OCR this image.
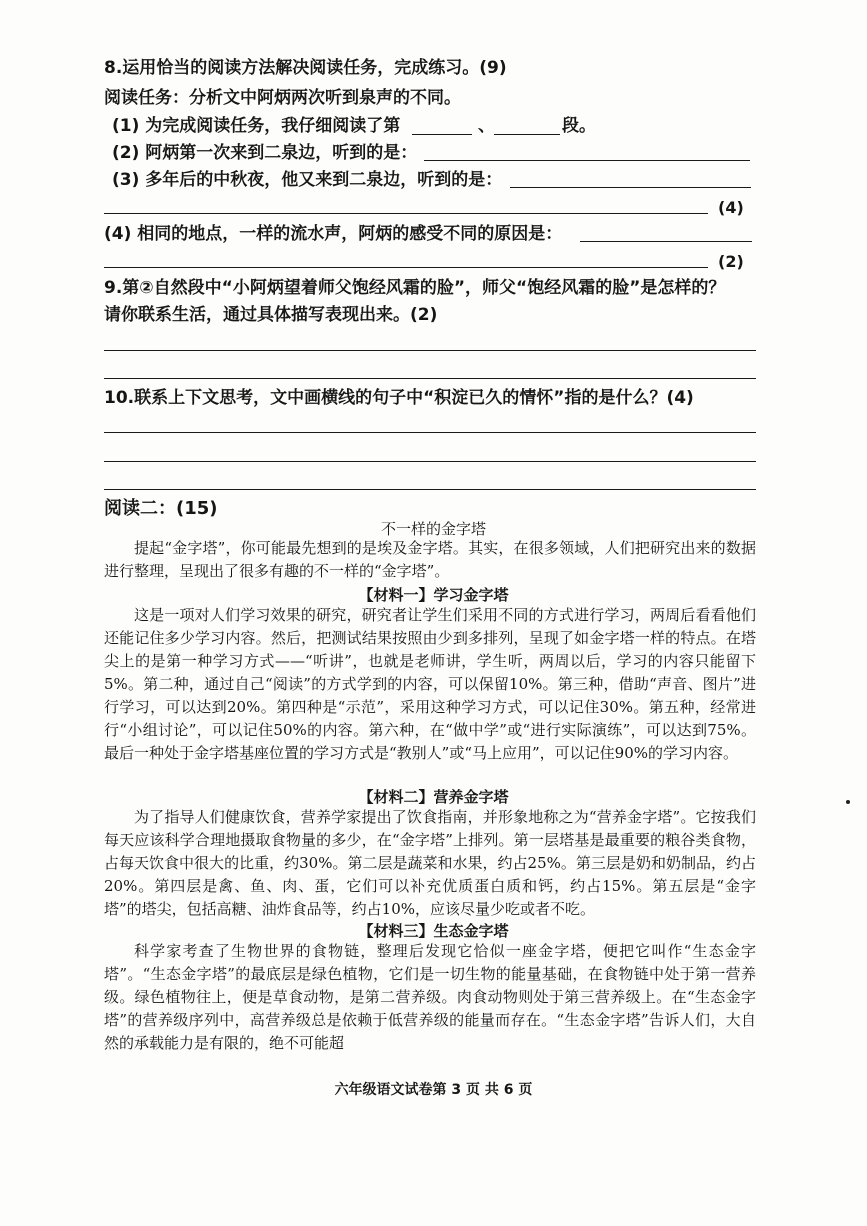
8.运用恰当的阅读方法解决阅读任务，完成练习。(9)
阅读任务：分析文中阿炳两次听到泉声的不同。
(1) 为完成阅读任务，我仔细阅读了第	、	段。
(2) 阿炳第一次来到二泉边，听到的是：
(3) 多年后的中秋夜，他又来到二泉边，听到的是：
(4)
(4) 相同的地点，一样的流水声，阿炳的感受不同的原因是：
(2)
9.第②自然段中“小阿炳望着师父饱经风霜的脸”，师父“饱经风霜的脸”是怎样的？
请你联系生活，通过具体描写表现出来。(2)
10.联系上下文思考，文中画横线的句子中“积淀已久的情怀”指的是什么？(4)
阅读二：(15)
不一样的金字塔
提起“金字塔”，你可能最先想到的是埃及金字塔。其实，在很多领域，人们把研究出来的数据进行整理，呈现出了很多有趣的不一样的“金字塔”。
【材料一】学习金字塔
这是一项对人们学习效果的研究，研究者让学生们采用不同的方式进行学习，两周后看看他们还能记住多少学习内容。然后，把测试结果按照由少到多排列，呈现了如金字塔一样的特点。在塔尖上的是第一种学习方式——“听讲”，也就是老师讲，学生听，两周以后，学习的内容只能留下5%。第二种，通过自己“阅读”的方式学到的内容，可以保留10%。第三种，借助“声音、图片”进行学习，可以达到20%。第四种是“示范”，采用这种学习方式，可以记住30%。第五种，经常进行“小组讨论”，可以记住50%的内容。第六种，在“做中学”或“进行实际演练”，可以达到75%。最后一种处于金字塔基座位置的学习方式是“教别人”或“马上应用”，可以记住90%的学习内容。
【材料二】营养金字塔
为了指导人们健康饮食，营养学家提出了饮食指南，并形象地称之为“营养金字塔”。它按我们每天应该科学合理地摄取食物量的多少，在“金字塔”上排列。第一层塔基是最重要的粮谷类食物，占每天饮食中很大的比重，约30%。第二层是蔬菜和水果，约占25%。第三层是奶和奶制品，约占20%。第四层是禽、鱼、肉、蛋，它们可以补充优质蛋白质和钙，约占15%。第五层是“金字塔”的塔尖，包括高糖、油炸食品等，约占10%，应该尽量少吃或者不吃。
【材料三】生态金字塔
科学家考查了生物世界的食物链，整理后发现它恰似一座金字塔，便把它叫作“生态金字塔”。“生态金字塔”的最底层是绿色植物，它们是一切生物的能量基础，在食物链中处于第一营养级。绿色植物往上，便是草食动物，是第二营养级。肉食动物则处于第三营养级上。在“生态金字塔”的营养级序列中，高营养级总是依赖于低营养级的能量而存在。“生态金字塔”告诉人们，大自然的承载能力是有限的，绝不可能超
六年级语文试卷第 3 页 共 6 页
